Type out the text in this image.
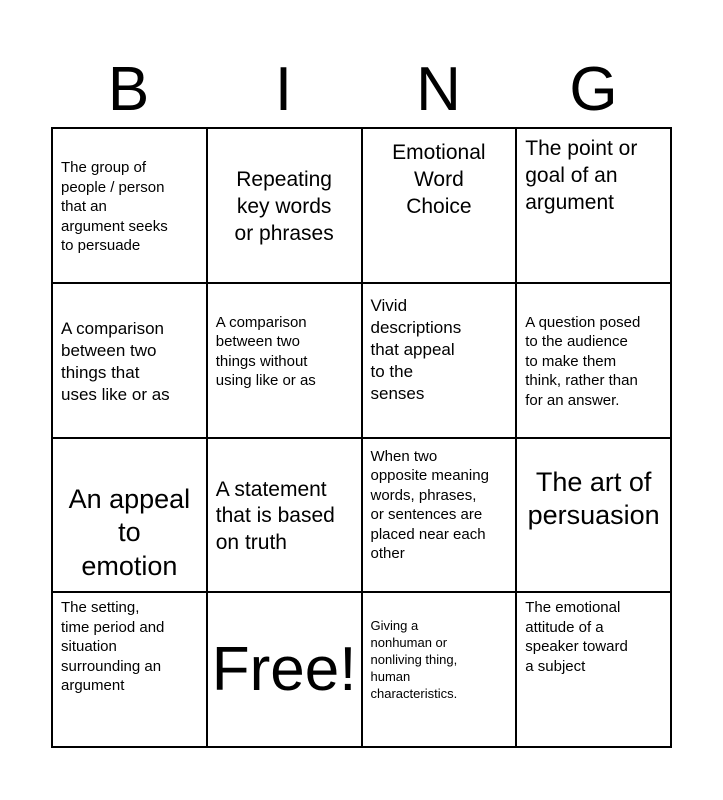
B	I	N	G
The group of
people / person
that an
argument seeks
to persuade
Repeating
key words
or phrases
Emotional
Word
Choice
The point or
goal of an
argument
A comparison
between two
things that
uses like or as
A comparison
between two
things without
using like or as
Vivid
descriptions
that appeal
to the
senses
A question posed
to the audience
to make them
think, rather than
for an answer.
An appeal
to
emotion
A statement
that is based
on truth
When two
opposite meaning
words, phrases,
or sentences are
placed near each
other
The art of
persuasion
The setting,
time period and
situation
surrounding an
argument	Free!
Giving a
nonhuman or
nonliving thing,
human
characteristics.
The emotional
attitude of a
speaker toward
a subject
